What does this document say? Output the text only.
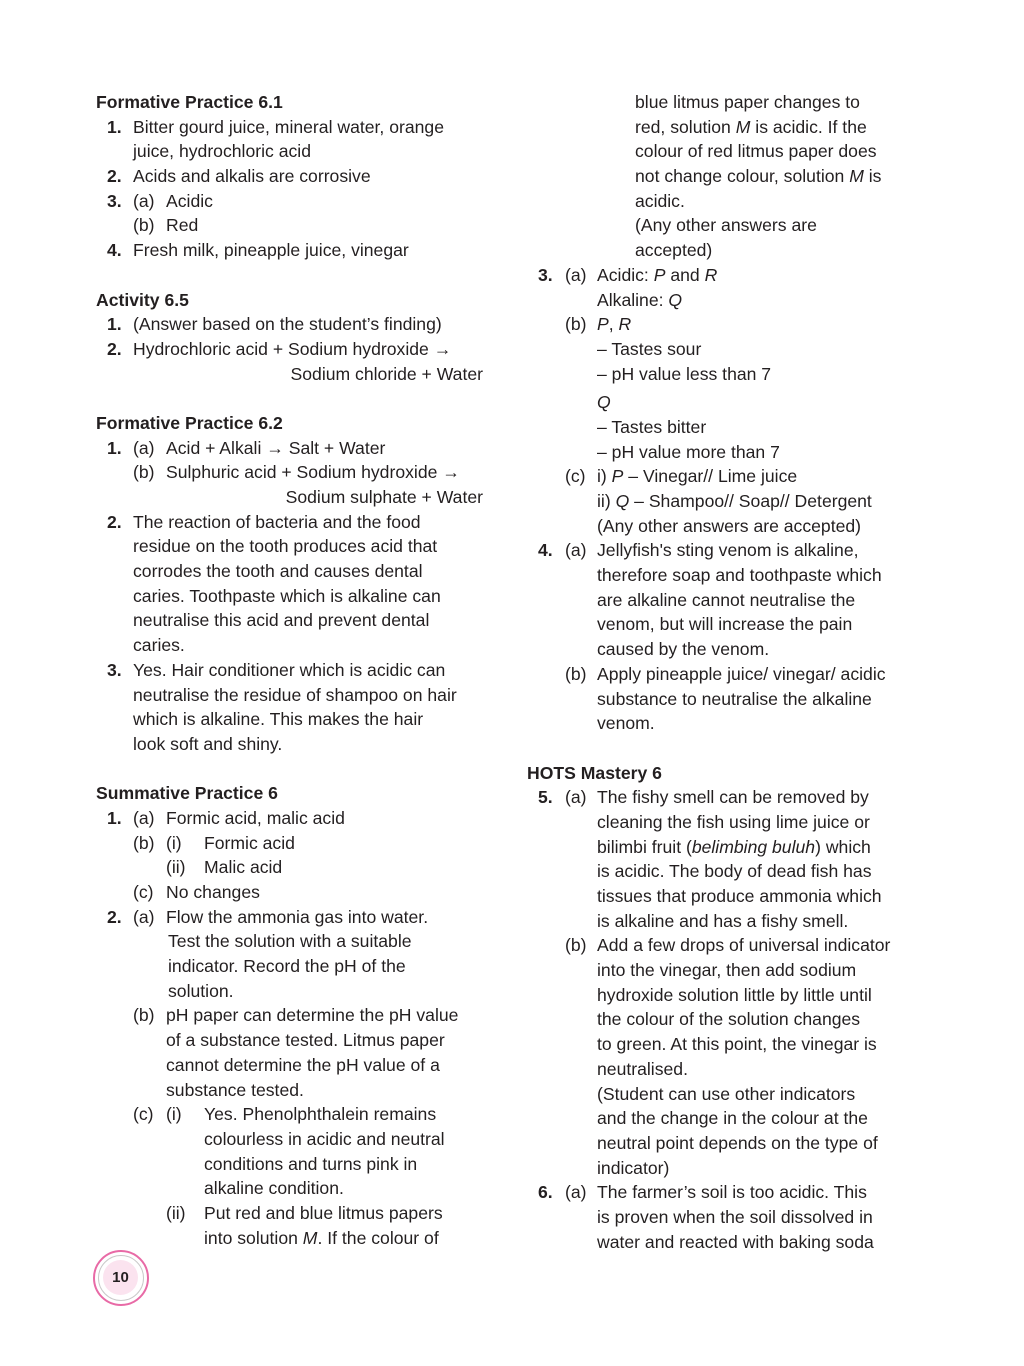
Formative Practice 6.1
1. Bitter gourd juice, mineral water, orange
juice, hydrochloric acid
2. Acids and alkalis are corrosive
3. (a) Acidic
(b) Red
4. Fresh milk, pineapple juice, vinegar
Activity 6.5
1. (Answer based on the student’s finding)
2. Hydrochloric acid + Sodium hydroxide →
Sodium chloride + Water
Formative Practice 6.2
1. (a) Acid + Alkali → Salt + Water
(b) Sulphuric acid + Sodium hydroxide →
Sodium sulphate + Water
2. The reaction of bacteria and the food
residue on the tooth produces acid that
corrodes the tooth and causes dental
caries. Toothpaste which is alkaline can
neutralise this acid and prevent dental
caries.
3. Yes. Hair conditioner which is acidic can
neutralise the residue of shampoo on hair
which is alkaline. This makes the hair
look soft and shiny.
Summative Practice 6
1. (a) Formic acid, malic acid
(b) (i) Formic acid
(ii) Malic acid
(c) No changes
2. (a) Flow the ammonia gas into water.
Test the solution with a suitable
indicator. Record the pH of the
solution.
(b) pH paper can determine the pH value
of a substance tested. Litmus paper
cannot determine the pH value of a
substance tested.
(c) (i) Yes. Phenolphthalein remains
colourless in acidic and neutral
conditions and turns pink in
alkaline condition.
(ii) Put red and blue litmus papers
into solution M. If the colour of
blue litmus paper changes to
red, solution M is acidic. If the
colour of red litmus paper does
not change colour, solution M is
acidic.
(Any other answers are
accepted)
3. (a) Acidic: P and R
Alkaline: Q
(b) P, R
– Tastes sour
– pH value less than 7
Q
– Tastes bitter
– pH value more than 7
(c) i) P – Vinegar// Lime juice
ii) Q – Shampoo// Soap// Detergent
(Any other answers are accepted)
4. (a) Jellyfish's sting venom is alkaline,
therefore soap and toothpaste which
are alkaline cannot neutralise the
venom, but will increase the pain
caused by the venom.
(b) Apply pineapple juice/ vinegar/ acidic
substance to neutralise the alkaline
venom.
HOTS Mastery 6
5. (a) The fishy smell can be removed by
cleaning the fish using lime juice or
bilimbi fruit (belimbing buluh) which
is acidic. The body of dead fish has
tissues that produce ammonia which
is alkaline and has a fishy smell.
(b) Add a few drops of universal indicator
into the vinegar, then add sodium
hydroxide solution little by little until
the colour of the solution changes
to green. At this point, the vinegar is
neutralised.
(Student can use other indicators
and the change in the colour at the
neutral point depends on the type of
indicator)
6. (a) The farmer’s soil is too acidic. This
is proven when the soil dissolved in
water and reacted with baking soda
10
